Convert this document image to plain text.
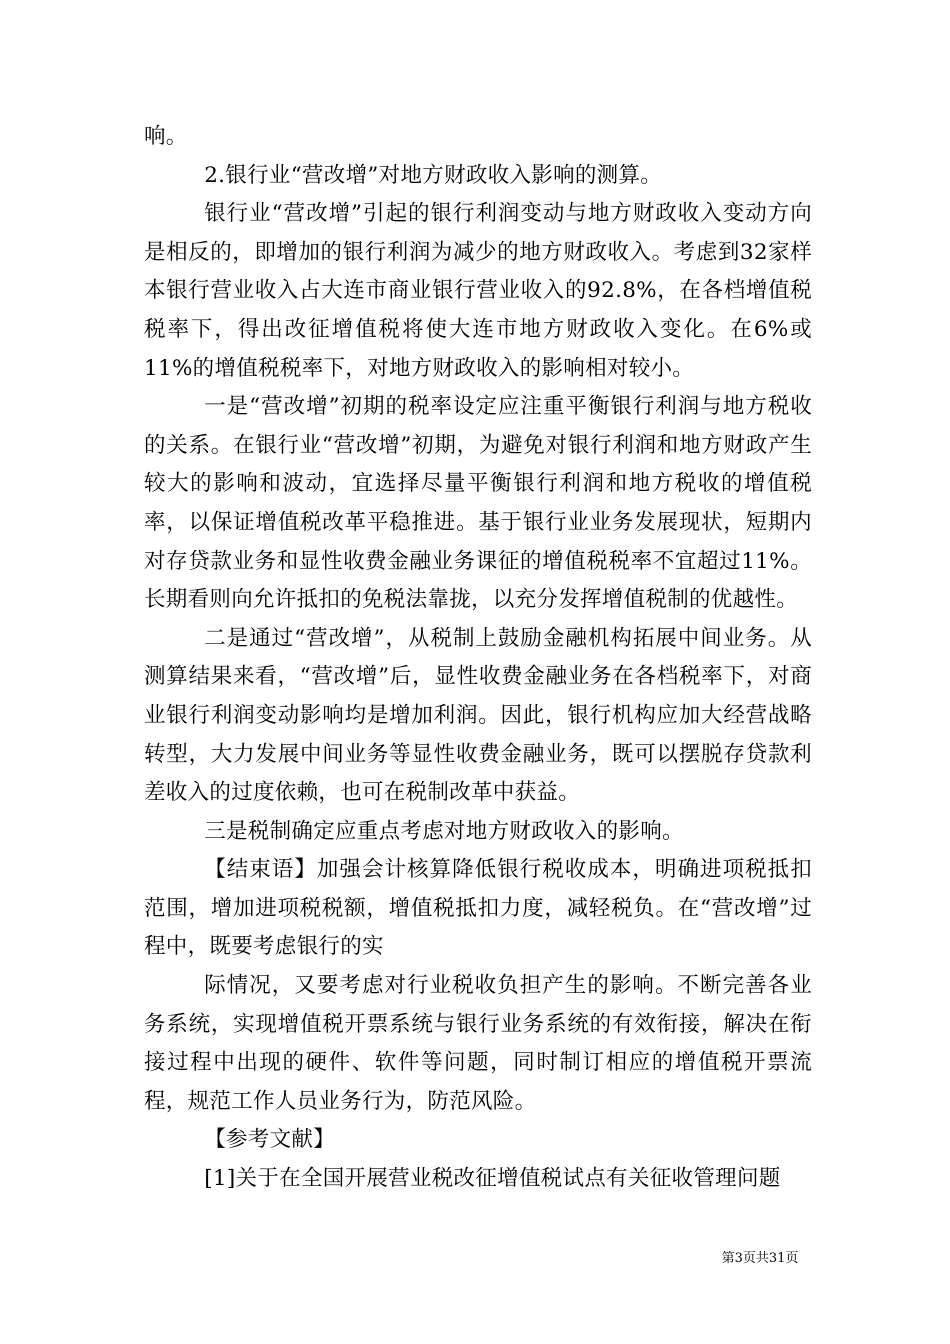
响。

2.银行业“营改增”对地方财政收入影响的测算。

银行业“营改增”引起的银行利润变动与地方财政收入变动方向是相反的，即增加的银行利润为减少的地方财政收入。考虑到32家样本银行营业收入占大连市商业银行营业收入的92.8%，在各档增值税税率下，得出改征增值税将使大连市地方财政收入变化。在6%或11%的增值税税率下，对地方财政收入的影响相对较小。

一是“营改增”初期的税率设定应注重平衡银行利润与地方税收的关系。在银行业“营改增”初期，为避免对银行利润和地方财政产生较大的影响和波动，宜选择尽量平衡银行利润和地方税收的增值税率，以保证增值税改革平稳推进。基于银行业业务发展现状，短期内对存贷款业务和显性收费金融业务课征的增值税税率不宜超过11%。长期看则向允许抵扣的免税法靠拢，以充分发挥增值税制的优越性。

二是通过“营改增”，从税制上鼓励金融机构拓展中间业务。从测算结果来看，“营改增”后，显性收费金融业务在各档税率下，对商业银行利润变动影响均是增加利润。因此，银行机构应加大经营战略转型，大力发展中间业务等显性收费金融业务，既可以摆脱存贷款利差收入的过度依赖，也可在税制改革中获益。

三是税制确定应重点考虑对地方财政收入的影响。

【结束语】加强会计核算降低银行税收成本，明确进项税抵扣范围，增加进项税税额，增值税抵扣力度，减轻税负。在“营改增”过程中，既要考虑银行的实

际情况，又要考虑对行业税收负担产生的影响。不断完善各业务系统，实现增值税开票系统与银行业务系统的有效衔接，解决在衔接过程中出现的硬件、软件等问题，同时制订相应的增值税开票流程，规范工作人员业务行为，防范风险。

【参考文献】

[1]关于在全国开展营业税改征增值税试点有关征收管理问题

第3页共31页
